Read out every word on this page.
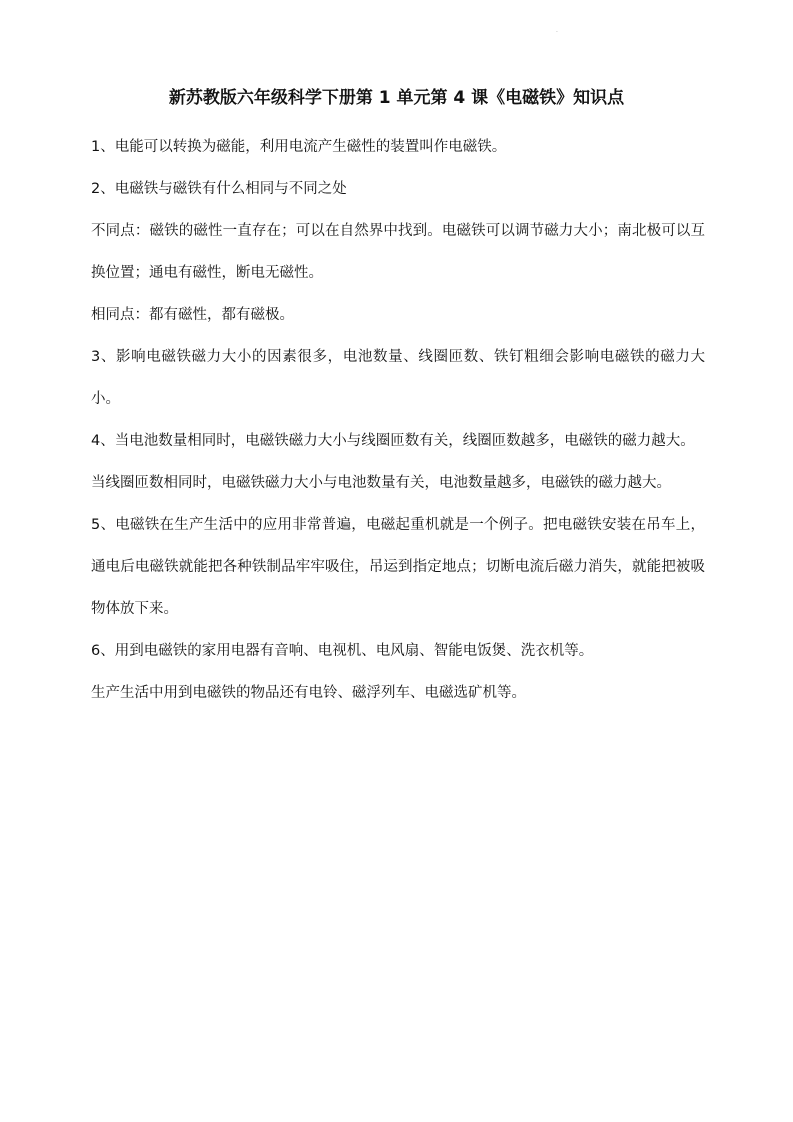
·
新苏教版六年级科学下册第 1 单元第 4 课《电磁铁》知识点

1、电能可以转换为磁能，利用电流产生磁性的装置叫作电磁铁。

2、电磁铁与磁铁有什么相同与不同之处

不同点：磁铁的磁性一直存在；可以在自然界中找到。电磁铁可以调节磁力大小；南北极可以互换位置；通电有磁性，断电无磁性。

相同点：都有磁性，都有磁极。

3、影响电磁铁磁力大小的因素很多，电池数量、线圈匝数、铁钉粗细会影响电磁铁的磁力大小。

4、当电池数量相同时，电磁铁磁力大小与线圈匝数有关，线圈匝数越多，电磁铁的磁力越大。

当线圈匝数相同时，电磁铁磁力大小与电池数量有关，电池数量越多，电磁铁的磁力越大。

5、电磁铁在生产生活中的应用非常普遍，电磁起重机就是一个例子。把电磁铁安装在吊车上，通电后电磁铁就能把各种铁制品牢牢吸住，吊运到指定地点；切断电流后磁力消失，就能把被吸物体放下来。

6、用到电磁铁的家用电器有音响、电视机、电风扇、智能电饭煲、洗衣机等。

生产生活中用到电磁铁的物品还有电铃、磁浮列车、电磁选矿机等。
